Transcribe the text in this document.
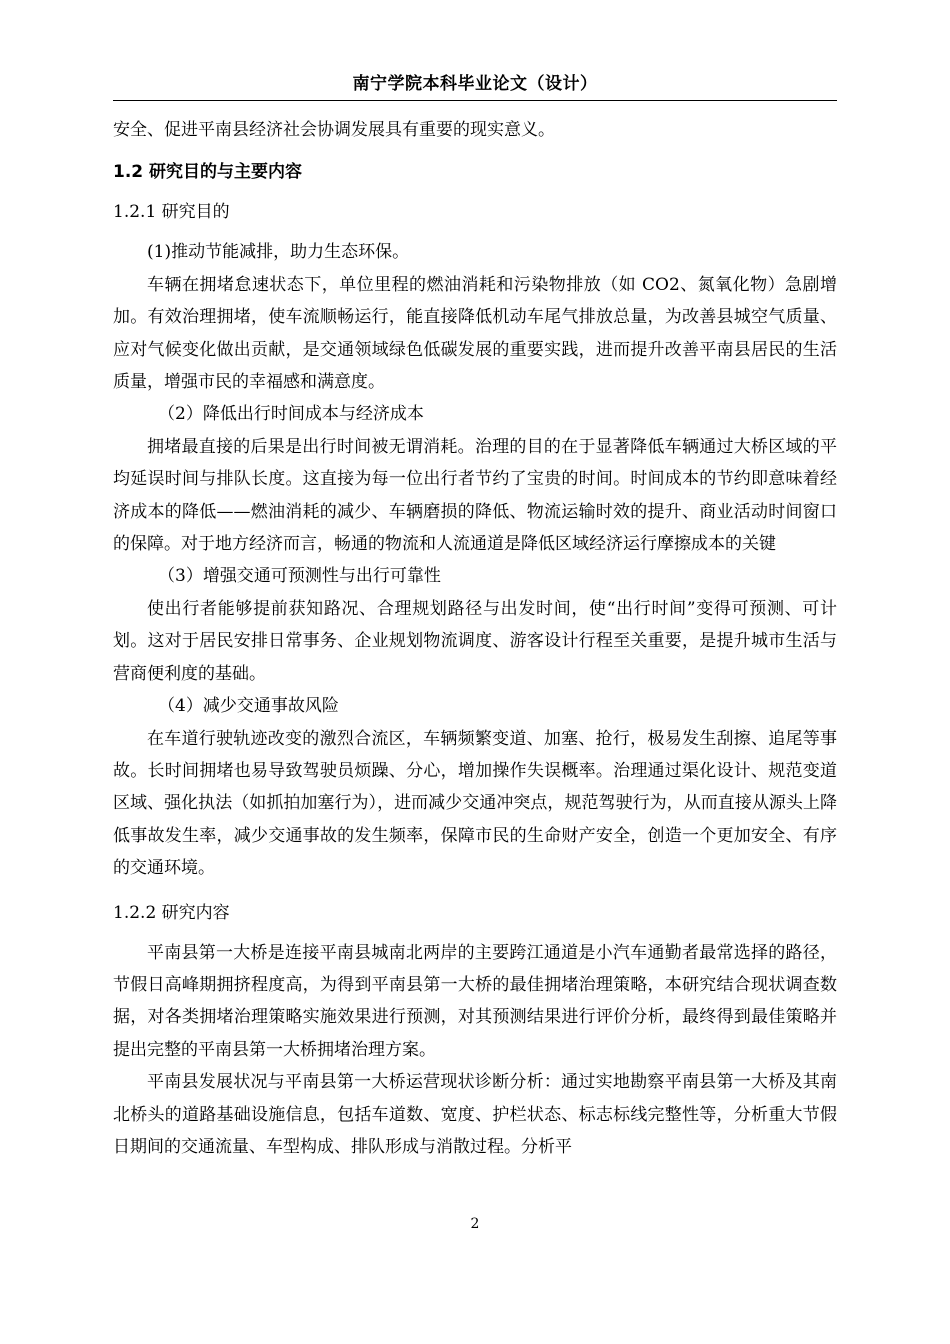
南宁学院本科毕业论文（设计）

安全、促进平南县经济社会协调发展具有重要的现实意义。

1.2 研究目的与主要内容
1.2.1 研究目的

(1)推动节能减排，助力生态环保。

车辆在拥堵怠速状态下，单位里程的燃油消耗和污染物排放（如 CO2、氮氧化物）急剧增加。有效治理拥堵，使车流顺畅运行，能直接降低机动车尾气排放总量，为改善县城空气质量、应对气候变化做出贡献，是交通领域绿色低碳发展的重要实践，进而提升改善平南县居民的生活质量，增强市民的幸福感和满意度。

（2）降低出行时间成本与经济成本

拥堵最直接的后果是出行时间被无谓消耗。治理的目的在于显著降低车辆通过大桥区域的平均延误时间与排队长度。这直接为每一位出行者节约了宝贵的时间。时间成本的节约即意味着经济成本的降低——燃油消耗的减少、车辆磨损的降低、物流运输时效的提升、商业活动时间窗口的保障。对于地方经济而言，畅通的物流和人流通道是降低区域经济运行摩擦成本的关键

（3）增强交通可预测性与出行可靠性

使出行者能够提前获知路况、合理规划路径与出发时间，使“出行时间”变得可预测、可计划。这对于居民安排日常事务、企业规划物流调度、游客设计行程至关重要，是提升城市生活与营商便利度的基础。

（4）减少交通事故风险

在车道行驶轨迹改变的激烈合流区，车辆频繁变道、加塞、抢行，极易发生刮擦、追尾等事故。长时间拥堵也易导致驾驶员烦躁、分心，增加操作失误概率。治理通过渠化设计、规范变道区域、强化执法（如抓拍加塞行为），进而减少交通冲突点，规范驾驶行为，从而直接从源头上降低事故发生率，减少交通事故的发生频率，保障市民的生命财产安全，创造一个更加安全、有序的交通环境。

1.2.2 研究内容

平南县第一大桥是连接平南县城南北两岸的主要跨江通道是小汽车通勤者最常选择的路径，节假日高峰期拥挤程度高，为得到平南县第一大桥的最佳拥堵治理策略，本研究结合现状调查数据，对各类拥堵治理策略实施效果进行预测，对其预测结果进行评价分析，最终得到最佳策略并提出完整的平南县第一大桥拥堵治理方案。

平南县发展状况与平南县第一大桥运营现状诊断分析：通过实地勘察平南县第一大桥及其南北桥头的道路基础设施信息，包括车道数、宽度、护栏状态、标志标线完整性等，分析重大节假日期间的交通流量、车型构成、排队形成与消散过程。分析平

2
